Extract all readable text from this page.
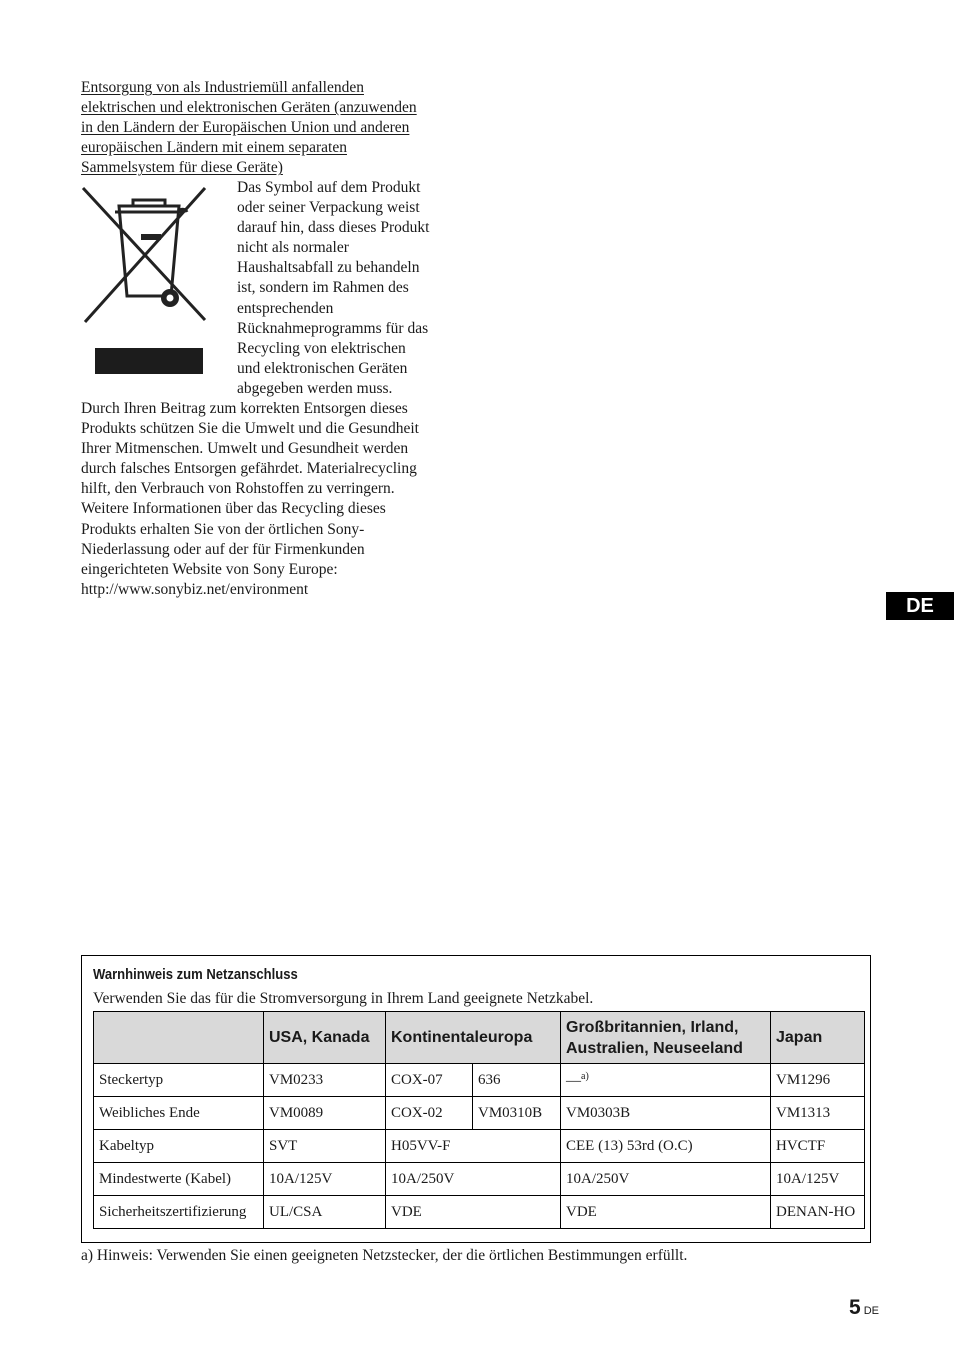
Entsorgung von als Industriemüll anfallenden
elektrischen und elektronischen Geräten (anzuwenden
in den Ländern der Europäischen Union und anderen
europäischen Ländern mit einem separaten
Sammelsystem für diese Geräte)
Das Symbol auf dem Produkt
oder seiner Verpackung weist
darauf hin, dass dieses Produkt
nicht als normaler
Haushaltsabfall zu behandeln
ist, sondern im Rahmen des
entsprechenden
Rücknahmeprogramms für das
Recycling von elektrischen
und elektronischen Geräten
abgegeben werden muss.
Durch Ihren Beitrag zum korrekten Entsorgen dieses
Produkts schützen Sie die Umwelt und die Gesundheit
Ihrer Mitmenschen. Umwelt und Gesundheit werden
durch falsches Entsorgen gefährdet. Materialrecycling
hilft, den Verbrauch von Rohstoffen zu verringern.
Weitere Informationen über das Recycling dieses
Produkts erhalten Sie von der örtlichen Sony-
Niederlassung oder auf der für Firmenkunden
eingerichteten Website von Sony Europe:
http://www.sonybiz.net/environment
DE
Warnhinweis zum Netzanschluss
Verwenden Sie das für die Stromversorgung in Ihrem Land geeignete Netzkabel.
	USA, Kanada	Kontinentaleuropa		Großbritannien, Irland, Australien, Neuseeland	Japan
Steckertyp	VM0233	COX-07	636	—$^{a)}$	VM1296
Weibliches Ende	VM0089	COX-02	VM0310B	VM0303B	VM1313
Kabeltyp	SVT	H05VV-F		CEE (13) 53rd (O.C)	HVCTF
Mindestwerte (Kabel)	10A/125V	10A/250V		10A/250V	10A/125V
Sicherheitszertifizierung	UL/CSA	VDE		VDE	DENAN-HO
a) Hinweis: Verwenden Sie einen geeigneten Netzstecker, der die örtlichen Bestimmungen erfüllt.
5 DE
